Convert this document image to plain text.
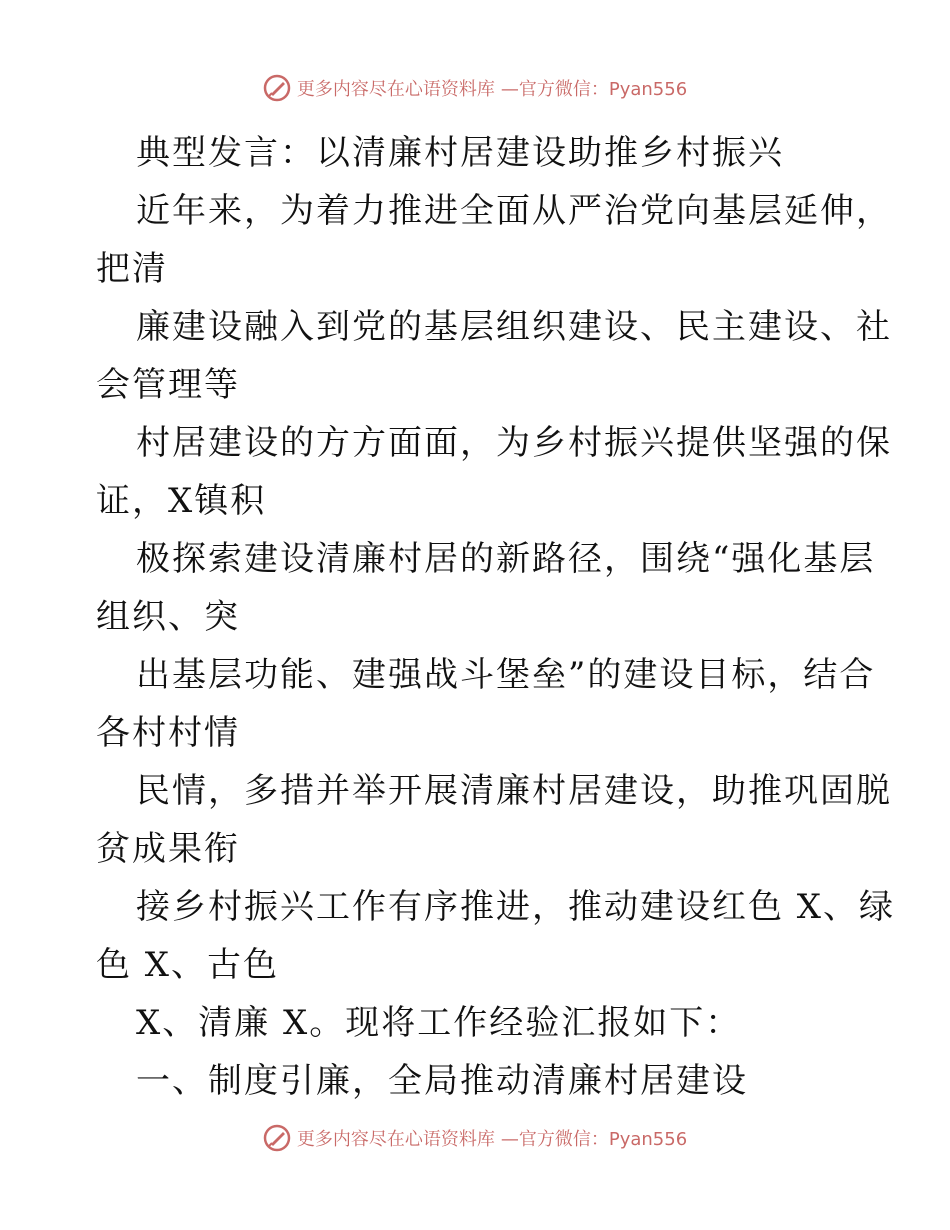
更多内容尽在心语资料库 —官方微信：Pyan556
典型发言：以清廉村居建设助推乡村振兴
近年来，为着力推进全面从严治党向基层延伸，
把清
廉建设融入到党的基层组织建设、民主建设、社
会管理等
村居建设的方方面面，为乡村振兴提供坚强的保
证，X镇积
极探索建设清廉村居的新路径，围绕“强化基层
组织、突
出基层功能、建强战斗堡垒”的建设目标，结合
各村村情
民情，多措并举开展清廉村居建设，助推巩固脱
贫成果衔
接乡村振兴工作有序推进，推动建设红色 X、绿
色 X、古色
X、清廉 X。现将工作经验汇报如下：
一、制度引廉，全局推动清廉村居建设
更多内容尽在心语资料库 —官方微信：Pyan556
